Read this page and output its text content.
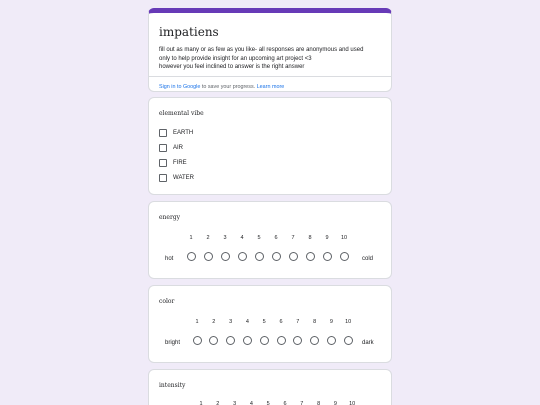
impatiens
fill out as many or as few as you like- all responses are anonymous and used
only to help provide insight for an upcoming art project <3
however you feel inclined to answer is the right answer
Sign in to Google to save your progress. Learn more
elemental vibe
EARTH
AIR
FIRE
WATER
energy
hot	cold
1	2	3	4	5	6	7	8	9	10
color
bright	dark
1	2	3	4	5	6	7	8	9	10
intensity
1	2	3	4	5	6	7	8	9	10
